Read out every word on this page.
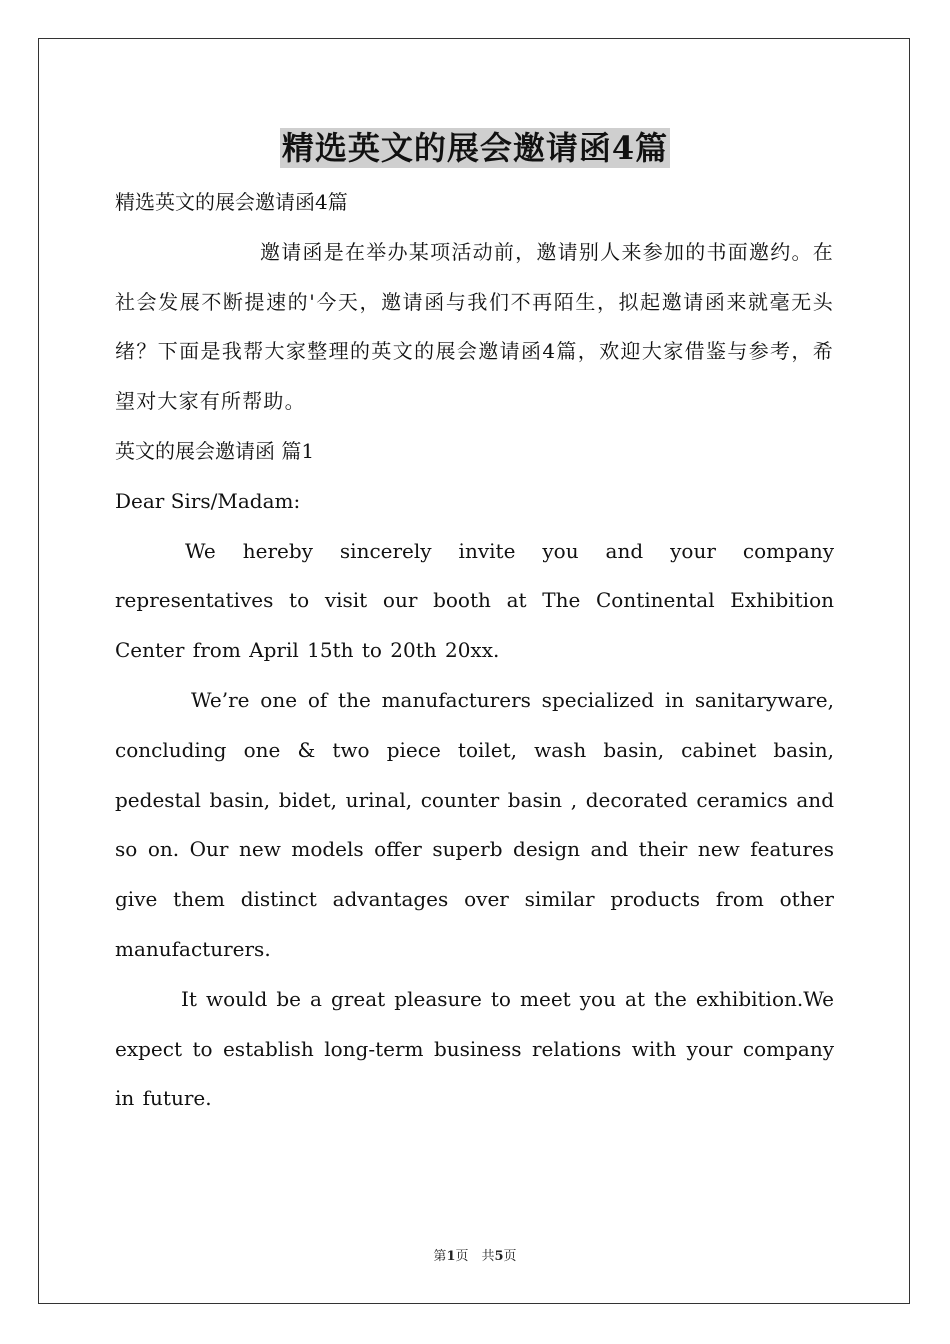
精选英文的展会邀请函4篇

精选英文的展会邀请函4篇

邀请函是在举办某项活动前，邀请别人来参加的书面邀约。在社会发展不断提速的'今天，邀请函与我们不再陌生，拟起邀请函来就毫无头绪？下面是我帮大家整理的英文的展会邀请函4篇，欢迎大家借鉴与参考，希望对大家有所帮助。

英文的展会邀请函 篇1

Dear Sirs/Madam:

We hereby sincerely invite you and your company representatives to visit our booth at The Continental Exhibition Center from April 15th to 20th 20xx.

We’re one of the manufacturers specialized in sanitaryware, concluding one & two piece toilet, wash basin, cabinet basin, pedestal basin, bidet, urinal, counter basin , decorated ceramics and so on. Our new models offer superb design and their new features give them distinct advantages over similar products from other manufacturers.

It would be a great pleasure to meet you at the exhibition.We expect to establish long-term business relations with your company in future.

第1页　共5页
